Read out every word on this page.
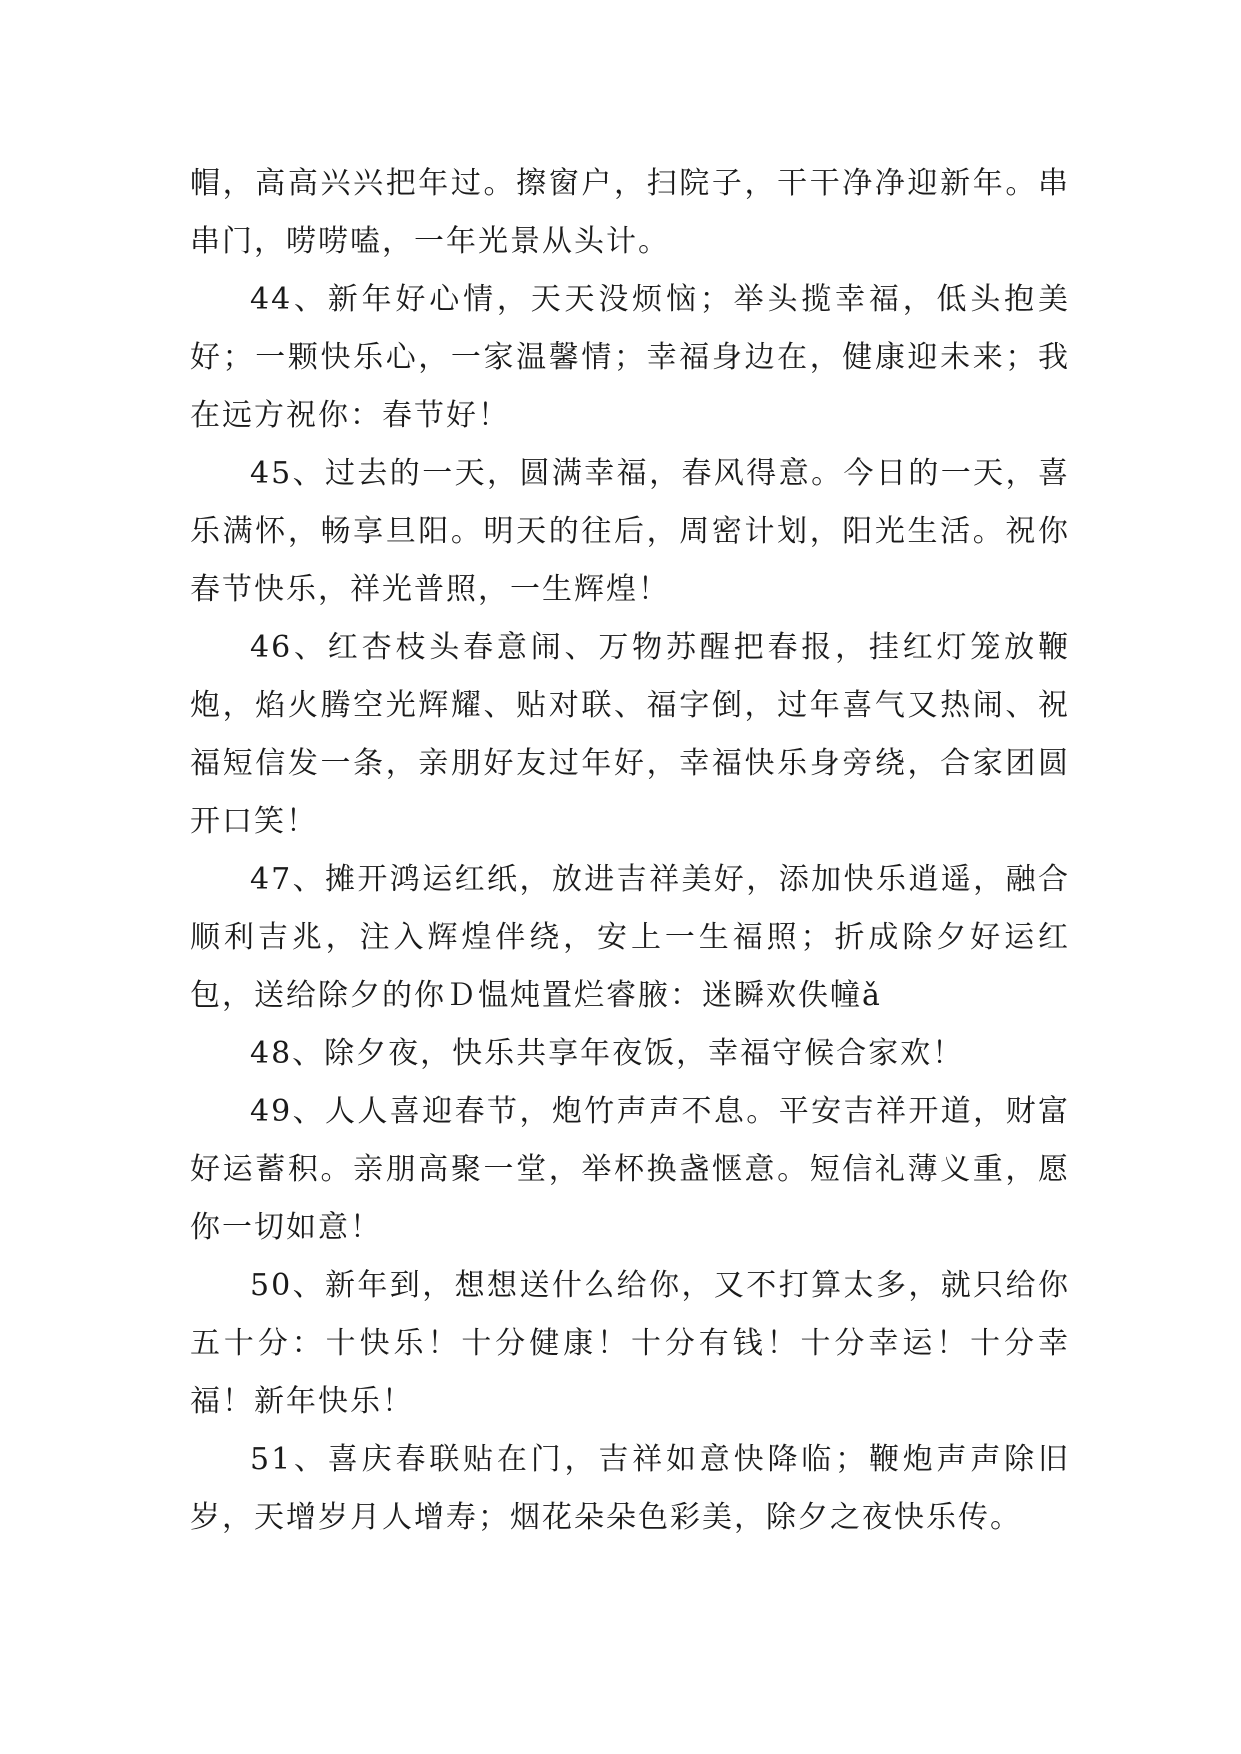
帽，高高兴兴把年过。擦窗户，扫院子，干干净净迎新年。串串门，唠唠嗑，一年光景从头计。

44、新年好心情，天天没烦恼；举头揽幸福，低头抱美好；一颗快乐心，一家温馨情；幸福身边在，健康迎未来；我在远方祝你：春节好！

45、过去的一天，圆满幸福，春风得意。今日的一天，喜乐满怀，畅享旦阳。明天的往后，周密计划，阳光生活。祝你春节快乐，祥光普照，一生辉煌！

46、红杏枝头春意闹、万物苏醒把春报，挂红灯笼放鞭炮，焰火腾空光辉耀、贴对联、福字倒，过年喜气又热闹、祝福短信发一条，亲朋好友过年好，幸福快乐身旁绕，合家团圆开口笑！

47、摊开鸿运红纸，放进吉祥美好，添加快乐逍遥，融合顺利吉兆，注入辉煌伴绕，安上一生福照；折成除夕好运红包，送给除夕的你Ｄ愠炖置烂睿腋：迷瞬欢佚幢ǎ

48、除夕夜，快乐共享年夜饭，幸福守候合家欢！

49、人人喜迎春节，炮竹声声不息。平安吉祥开道，财富好运蓄积。亲朋高聚一堂，举杯换盏惬意。短信礼薄义重，愿你一切如意！

50、新年到，想想送什么给你，又不打算太多，就只给你五十分：十快乐！十分健康！十分有钱！十分幸运！十分幸福！新年快乐！

51、喜庆春联贴在门，吉祥如意快降临；鞭炮声声除旧岁，天增岁月人增寿；烟花朵朵色彩美，除夕之夜快乐传。
